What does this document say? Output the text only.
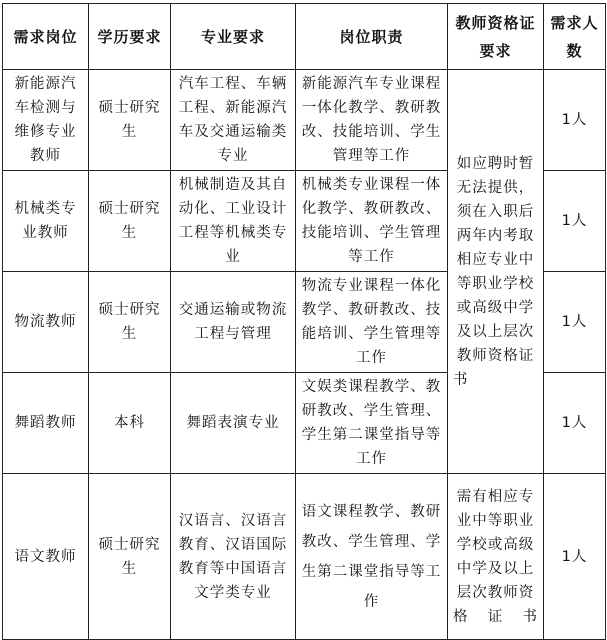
需求岗位	学历要求	专业要求	岗位职责	教师资格证要求	需求人数
新能源汽车检测与维修专业教师	硕士研究生	汽车工程、车辆工程、新能源汽车及交通运输类专业	新能源汽车专业课程一体化教学、教研教改、技能培训、学生管理等工作	如应聘时暂无法提供，须在入职后两年内考取相应专业中等职业学校或高级中学及以上层次教师资格证书	1人
机械类专业教师	硕士研究生	机械制造及其自动化、工业设计工程等机械类专业	机械类专业课程一体化教学、教研教改、技能培训、学生管理等工作		1人
物流教师	硕士研究生	交通运输或物流工程与管理	物流专业课程一体化教学、教研教改、技能培训、学生管理等工作		1人
舞蹈教师	本科	舞蹈表演专业	文娱类课程教学、教研教改、学生管理、学生第二课堂指导等工作		1人
语文教师	硕士研究生	汉语言、汉语言教育、汉语国际教育等中国语言文学类专业	语文课程教学、教研教改、学生管理、学生第二课堂指导等工作	需有相应专业中等职业学校或高级中学及以上层次教师资格证书	1人
